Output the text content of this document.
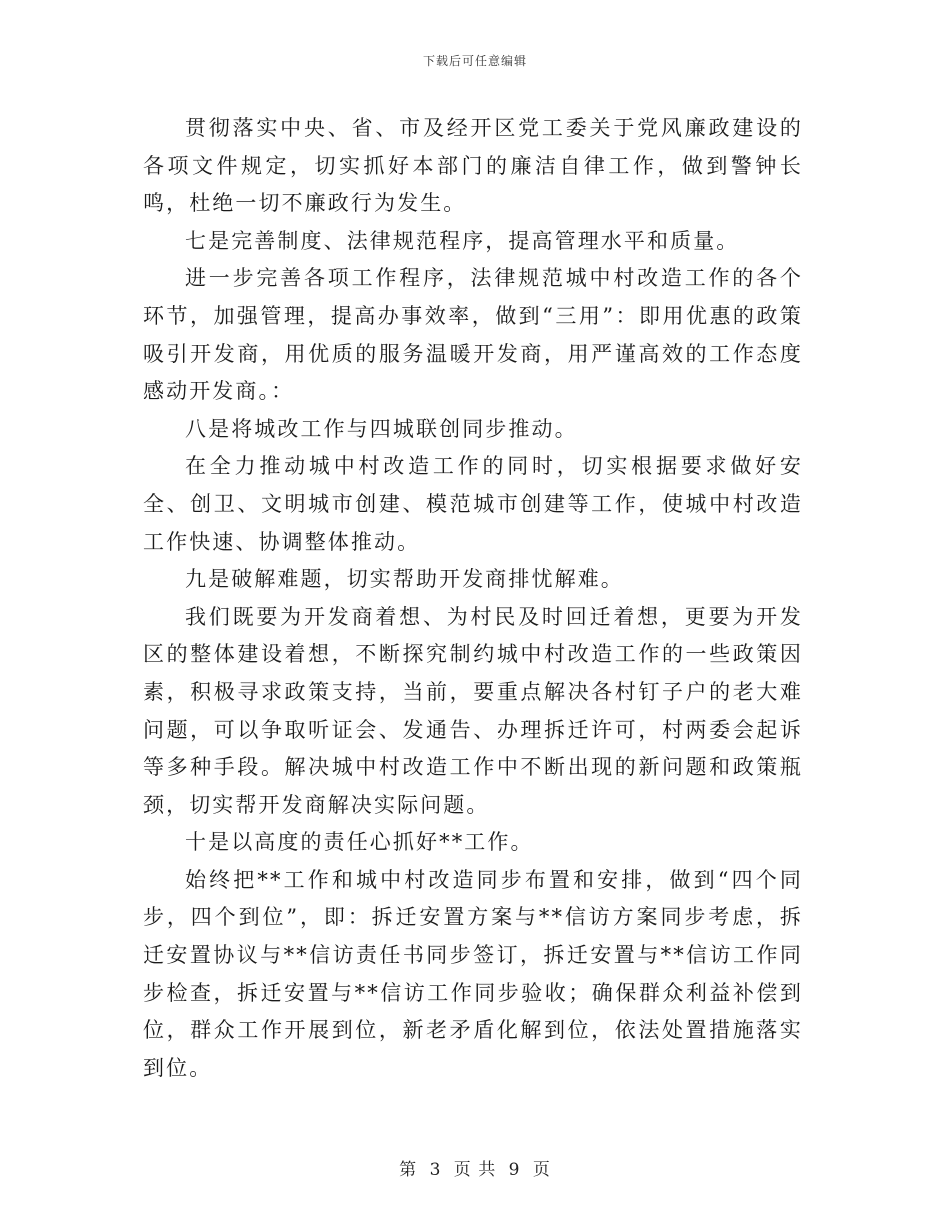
下载后可任意编辑

贯彻落实中央、省、市及经开区党工委关于党风廉政建设的各项文件规定，切实抓好本部门的廉洁自律工作，做到警钟长鸣，杜绝一切不廉政行为发生。

七是完善制度、法律规范程序，提高管理水平和质量。

进一步完善各项工作程序，法律规范城中村改造工作的各个环节，加强管理，提高办事效率，做到“三用”：即用优惠的政策吸引开发商，用优质的服务温暖开发商，用严谨高效的工作态度感动开发商。：

八是将城改工作与四城联创同步推动。

在全力推动城中村改造工作的同时，切实根据要求做好安全、创卫、文明城市创建、模范城市创建等工作，使城中村改造工作快速、协调整体推动。

九是破解难题，切实帮助开发商排忧解难。

我们既要为开发商着想、为村民及时回迁着想，更要为开发区的整体建设着想，不断探究制约城中村改造工作的一些政策因素，积极寻求政策支持，当前，要重点解决各村钉子户的老大难问题，可以争取听证会、发通告、办理拆迁许可，村两委会起诉等多种手段。解决城中村改造工作中不断出现的新问题和政策瓶颈，切实帮开发商解决实际问题。

十是以高度的责任心抓好**工作。

始终把**工作和城中村改造同步布置和安排，做到“四个同步，四个到位”，即：拆迁安置方案与**信访方案同步考虑，拆迁安置协议与**信访责任书同步签订，拆迁安置与**信访工作同步检查，拆迁安置与**信访工作同步验收；确保群众利益补偿到位，群众工作开展到位，新老矛盾化解到位，依法处置措施落实到位。

第 3 页 共 9 页
